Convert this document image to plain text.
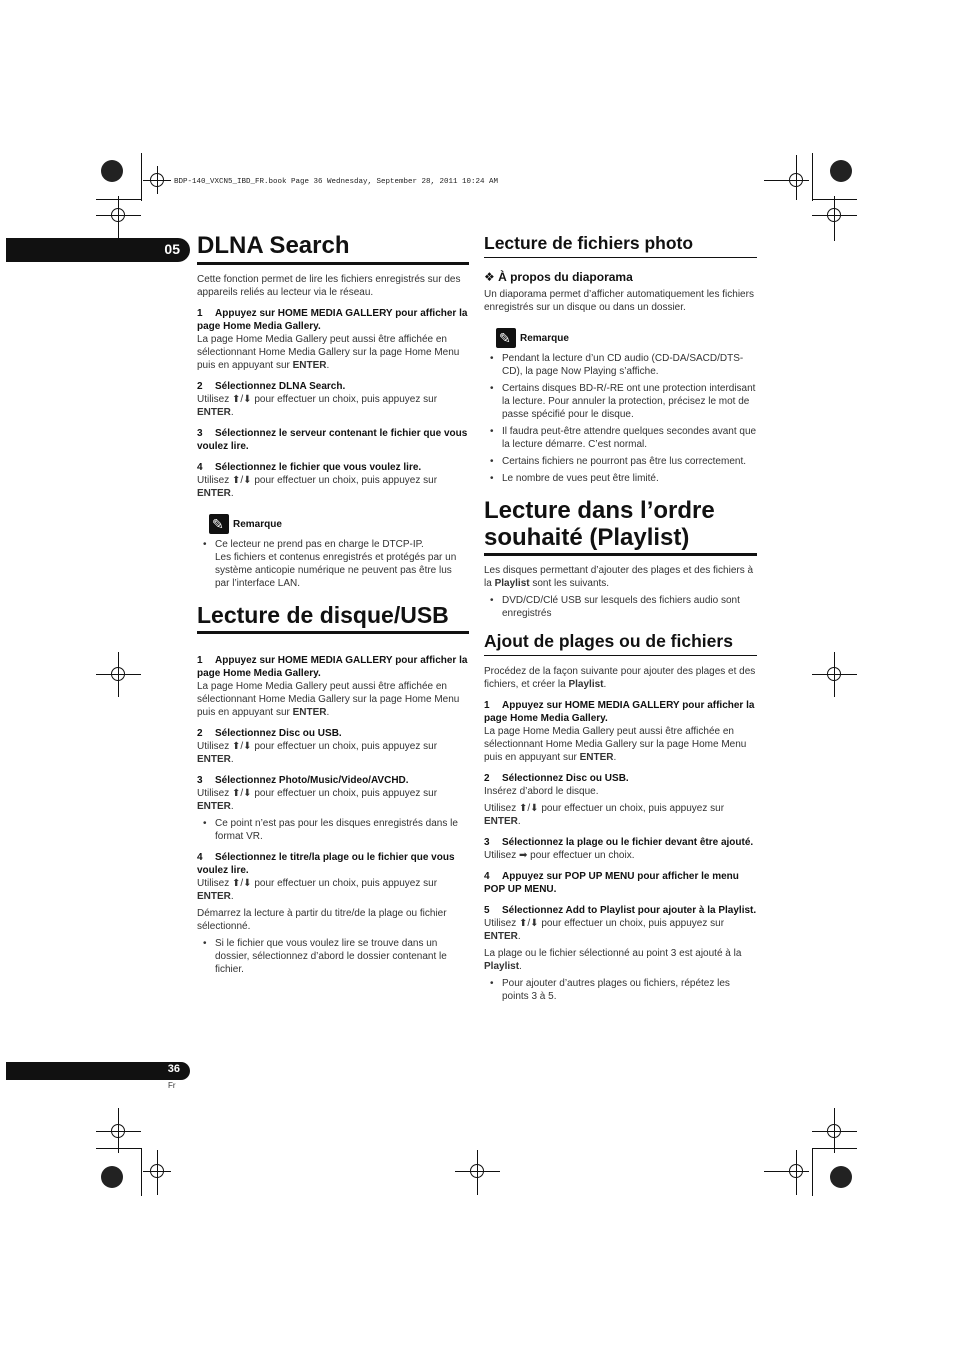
BDP-140_VXCN5_IBD_FR.book Page 36 Wednesday, September 28, 2011 10:24 AM
05 DLNA Search

Cette fonction permet de lire les fichiers enregistrés sur des appareils reliés au lecteur via le réseau.

1 Appuyez sur HOME MEDIA GALLERY pour afficher la page Home Media Gallery.

La page Home Media Gallery peut aussi être affichée en sélectionnant Home Media Gallery sur la page Home Menu puis en appuyant sur ENTER.

2 Sélectionnez DLNA Search.

Utilisez ⬆/⬇ pour effectuer un choix, puis appuyez sur ENTER.

3 Sélectionnez le serveur contenant le fichier que vous voulez lire.
4 Sélectionnez le fichier que vous voulez lire.

Utilisez ⬆/⬇ pour effectuer un choix, puis appuyez sur ENTER.

✎
Remarque
• Ce lecteur ne prend pas en charge le DTCP-IP.
Les fichiers et contenus enregistrés et protégés par un système anticopie numérique ne peuvent pas être lus par l’interface LAN.
Lecture de disque/USB
1 Appuyez sur HOME MEDIA GALLERY pour afficher la page Home Media Gallery.

La page Home Media Gallery peut aussi être affichée en sélectionnant Home Media Gallery sur la page Home Menu puis en appuyant sur ENTER.

2 Sélectionnez Disc ou USB.

Utilisez ⬆/⬇ pour effectuer un choix, puis appuyez sur ENTER.

3 Sélectionnez Photo/Music/Video/AVCHD.

Utilisez ⬆/⬇ pour effectuer un choix, puis appuyez sur ENTER.

• Ce point n’est pas pour les disques enregistrés dans le format VR.
4 Sélectionnez le titre/la plage ou le fichier que vous voulez lire.

Utilisez ⬆/⬇ pour effectuer un choix, puis appuyez sur ENTER.

Démarrez la lecture à partir du titre/de la plage ou fichier sélectionné.

• Si le fichier que vous voulez lire se trouve dans un dossier, sélectionnez d’abord le dossier contenant le fichier.
Lecture de fichiers photo
❖ À propos du diaporama

Un diaporama permet d’afficher automatiquement les fichiers enregistrés sur un disque ou dans un dossier.

✎
Remarque
• Pendant la lecture d’un CD audio (CD-DA/SACD/DTS-CD), la page Now Playing s’affiche.
• Certains disques BD-R/-RE ont une protection interdisant la lecture. Pour annuler la protection, précisez le mot de passe spécifié pour le disque.
• Il faudra peut-être attendre quelques secondes avant que la lecture démarre. C’est normal.
• Certains fichiers ne pourront pas être lus correctement.
• Le nombre de vues peut être limité.
Lecture dans l’ordre
souhaité (Playlist)

Les disques permettant d’ajouter des plages et des fichiers à la Playlist sont les suivants.

• DVD/CD/Clé USB sur lesquels des fichiers audio sont enregistrés
Ajout de plages ou de fichiers

Procédez de la façon suivante pour ajouter des plages et des fichiers, et créer la Playlist.

1 Appuyez sur HOME MEDIA GALLERY pour afficher la page Home Media Gallery.

La page Home Media Gallery peut aussi être affichée en sélectionnant Home Media Gallery sur la page Home Menu puis en appuyant sur ENTER.

2 Sélectionnez Disc ou USB.

Insérez d’abord le disque.

Utilisez ⬆/⬇ pour effectuer un choix, puis appuyez sur ENTER.

3 Sélectionnez la plage ou le fichier devant être ajouté.

Utilisez ➡ pour effectuer un choix.

4 Appuyez sur POP UP MENU pour afficher le menu POP UP MENU.
5 Sélectionnez Add to Playlist pour ajouter à la Playlist.

Utilisez ⬆/⬇ pour effectuer un choix, puis appuyez sur ENTER.

La plage ou le fichier sélectionné au point 3 est ajouté à la Playlist.

• Pour ajouter d’autres plages ou fichiers, répétez les points 3 à 5.
36
Fr
